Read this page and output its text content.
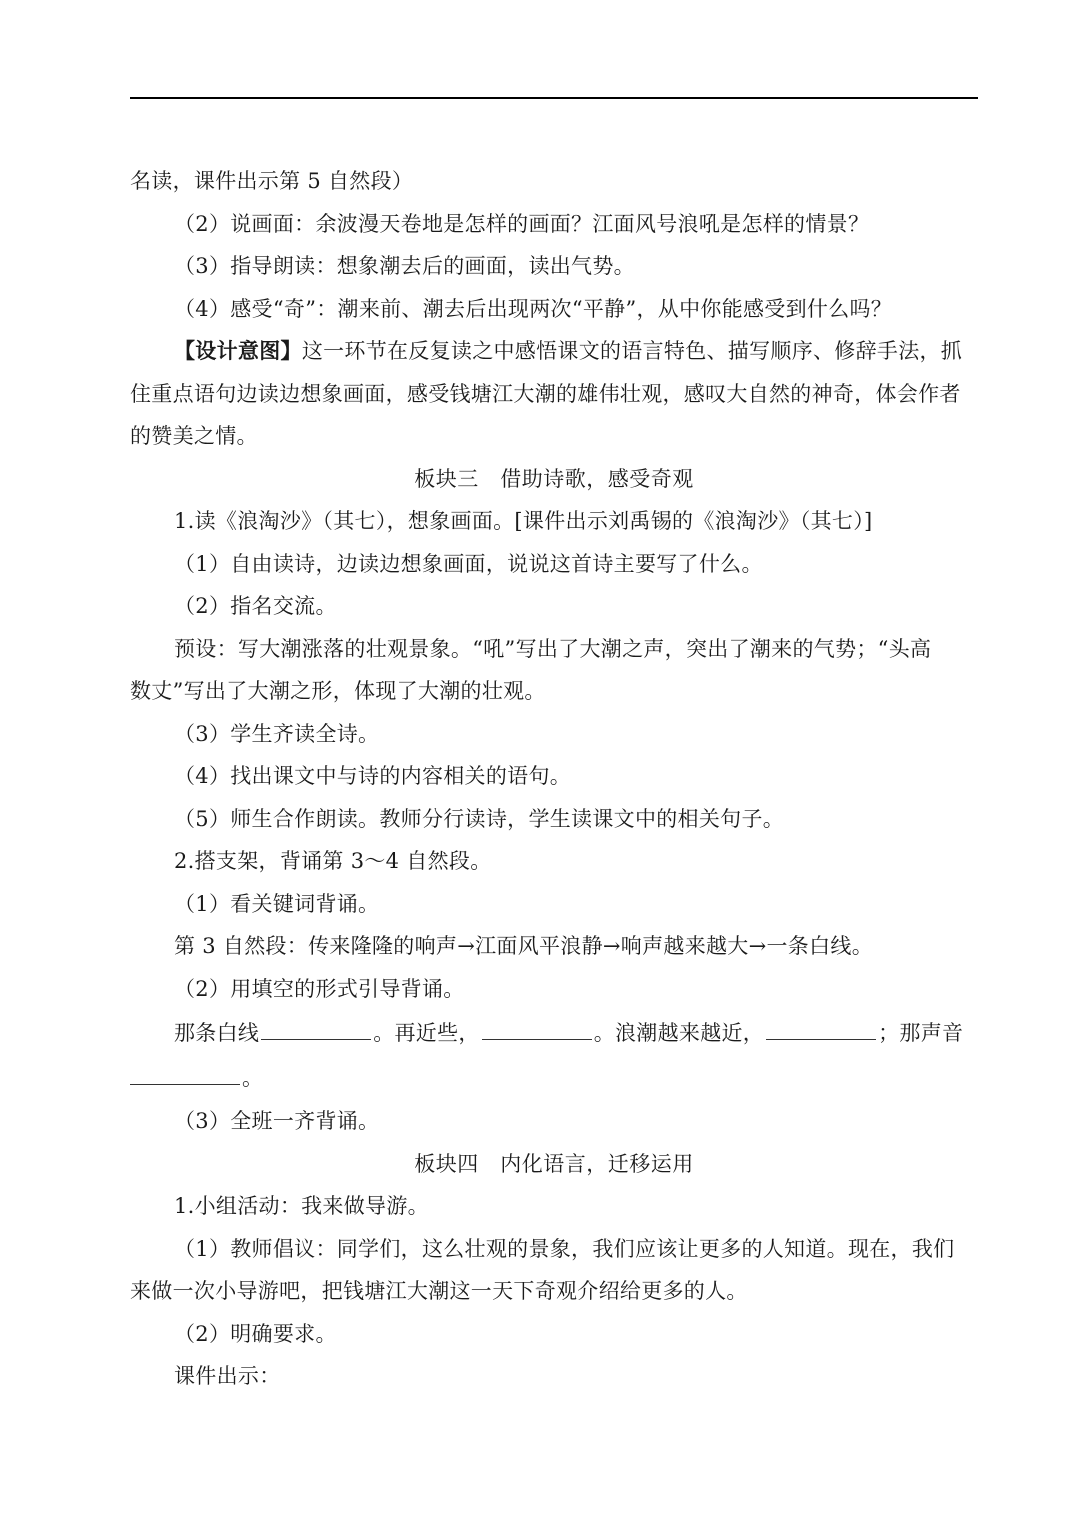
名读，课件出示第 5 自然段）
（2）说画面：余波漫天卷地是怎样的画面？江面风号浪吼是怎样的情景？
（3）指导朗读：想象潮去后的画面，读出气势。
（4）感受“奇”：潮来前、潮去后出现两次“平静”，从中你能感受到什么吗？
【设计意图】这一环节在反复读之中感悟课文的语言特色、描写顺序、修辞手法，抓
住重点语句边读边想象画面，感受钱塘江大潮的雄伟壮观，感叹大自然的神奇，体会作者
的赞美之情。
板块三　借助诗歌，感受奇观
1.读《浪淘沙》（其七），想象画面。[课件出示刘禹锡的《浪淘沙》（其七）]
（1）自由读诗，边读边想象画面，说说这首诗主要写了什么。
（2）指名交流。
预设：写大潮涨落的壮观景象。“吼”写出了大潮之声，突出了潮来的气势；“头高
数丈”写出了大潮之形，体现了大潮的壮观。
（3）学生齐读全诗。
（4）找出课文中与诗的内容相关的语句。
（5）师生合作朗读。教师分行读诗，学生读课文中的相关句子。
2.搭支架，背诵第 3～4 自然段。
（1）看关键词背诵。
第 3 自然段：传来隆隆的响声→江面风平浪静→响声越来越大→一条白线。
（2）用填空的形式引导背诵。
那条白线	。再近些，	。浪潮越来越近，	；那声音
。
（3）全班一齐背诵。
板块四　内化语言，迁移运用
1.小组活动：我来做导游。
（1）教师倡议：同学们，这么壮观的景象，我们应该让更多的人知道。现在，我们
来做一次小导游吧，把钱塘江大潮这一天下奇观介绍给更多的人。
（2）明确要求。
课件出示：
